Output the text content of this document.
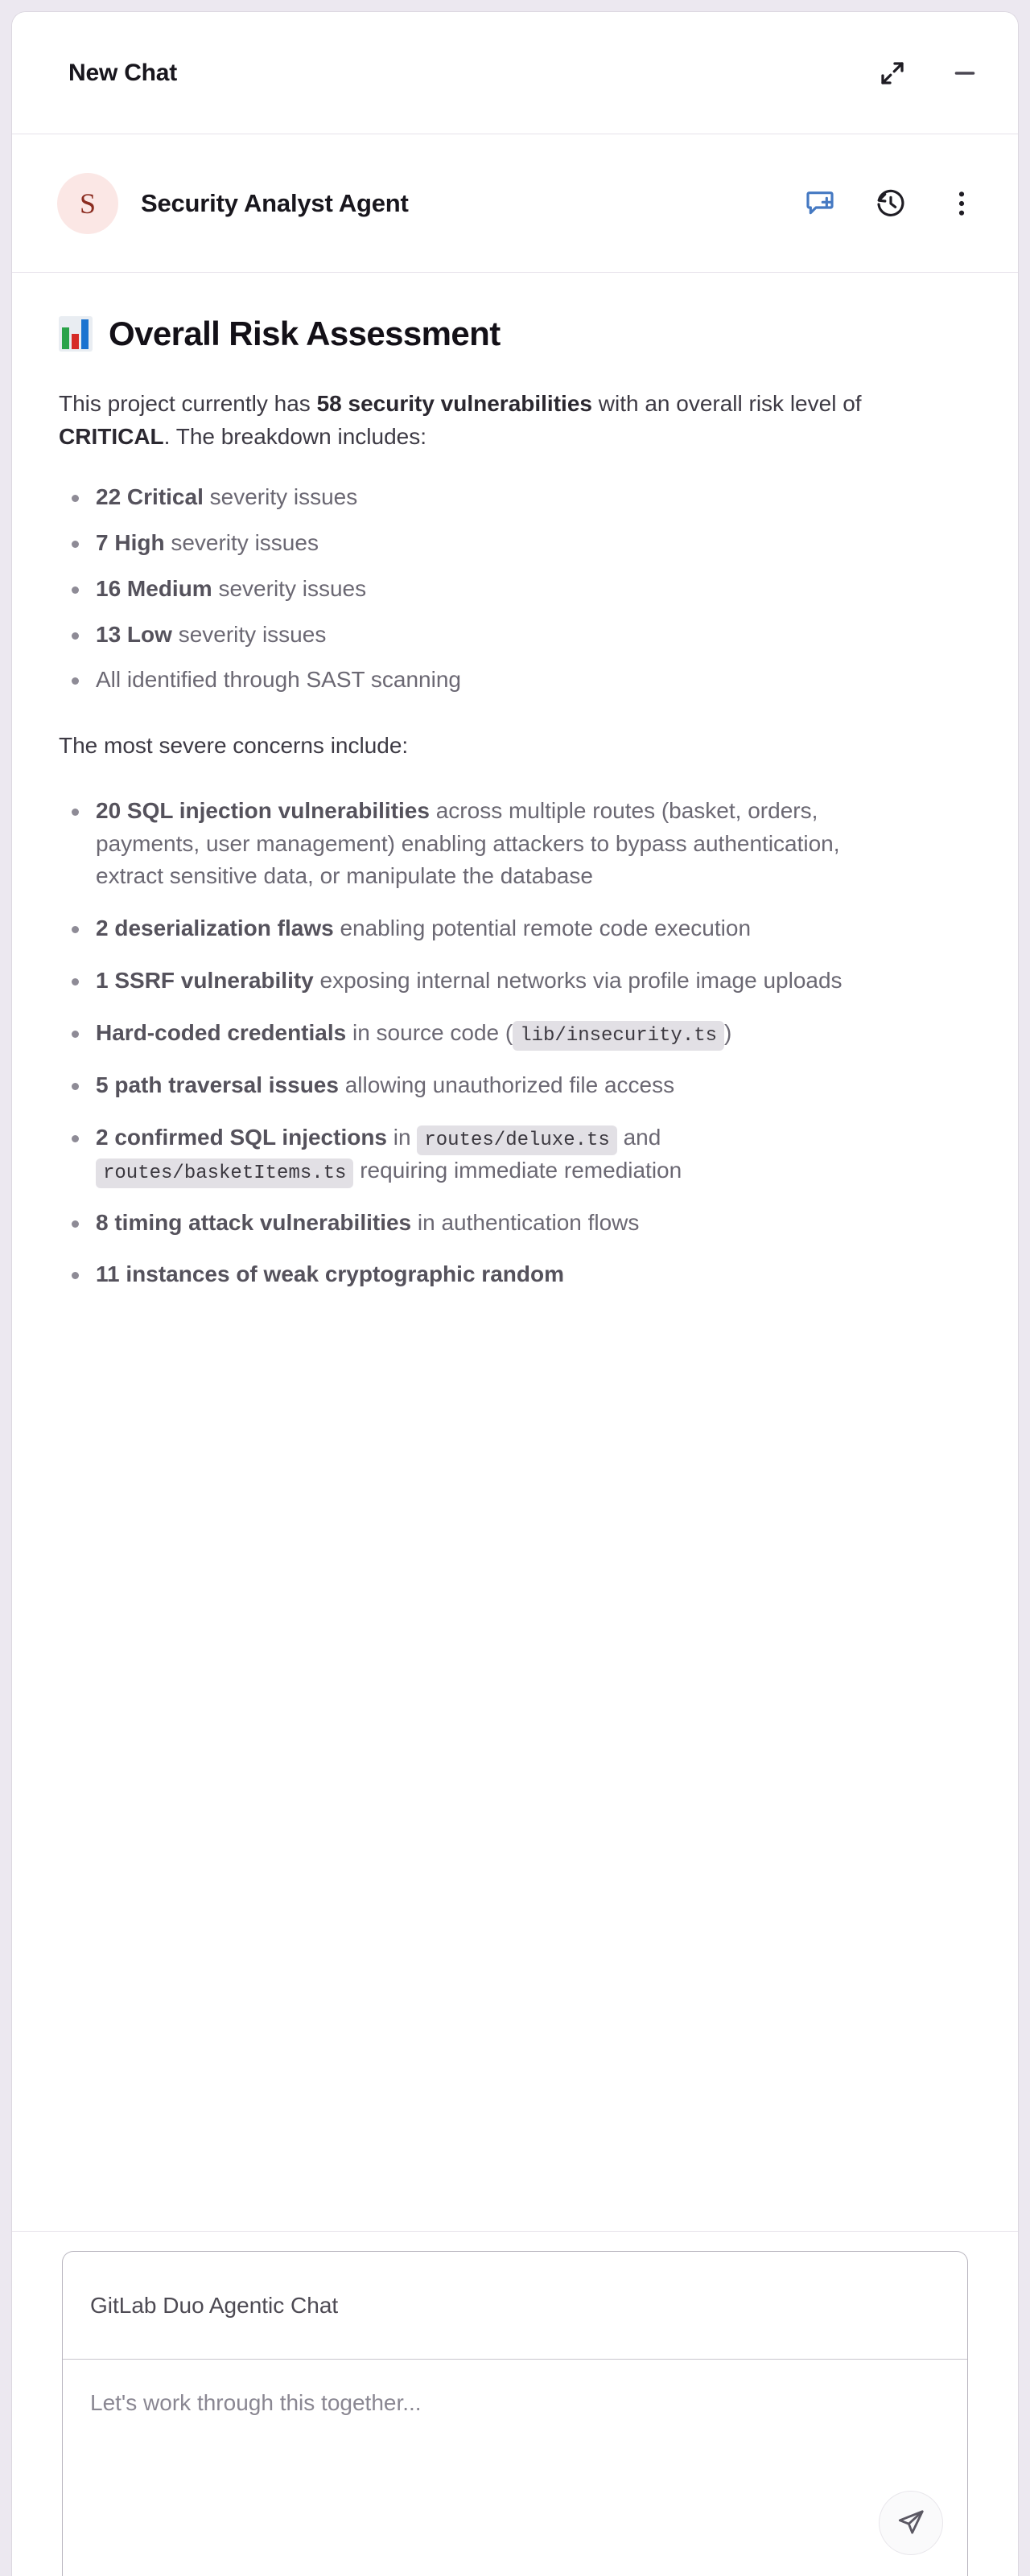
New Chat
S	Security Analyst Agent
Overall Risk Assessment

This project currently has 58 security vulnerabilities with an overall risk level of CRITICAL. The breakdown includes:

22 Critical severity issues
7 High severity issues
16 Medium severity issues
13 Low severity issues
All identified through SAST scanning

The most severe concerns include:

20 SQL injection vulnerabilities across multiple routes (basket, orders, payments, user management) enabling attackers to bypass authentication, extract sensitive data, or manipulate the database
2 deserialization flaws enabling potential remote code execution
1 SSRF vulnerability exposing internal networks via profile image uploads
Hard-coded credentials in source code ( lib/insecurity.ts )
5 path traversal issues allowing unauthorized file access
2 confirmed SQL injections in routes/deluxe.ts and routes/basketItems.ts requiring immediate remediation
8 timing attack vulnerabilities in authentication flows
11 instances of weak cryptographic random
GitLab Duo Agentic Chat
Let's work through this together...
